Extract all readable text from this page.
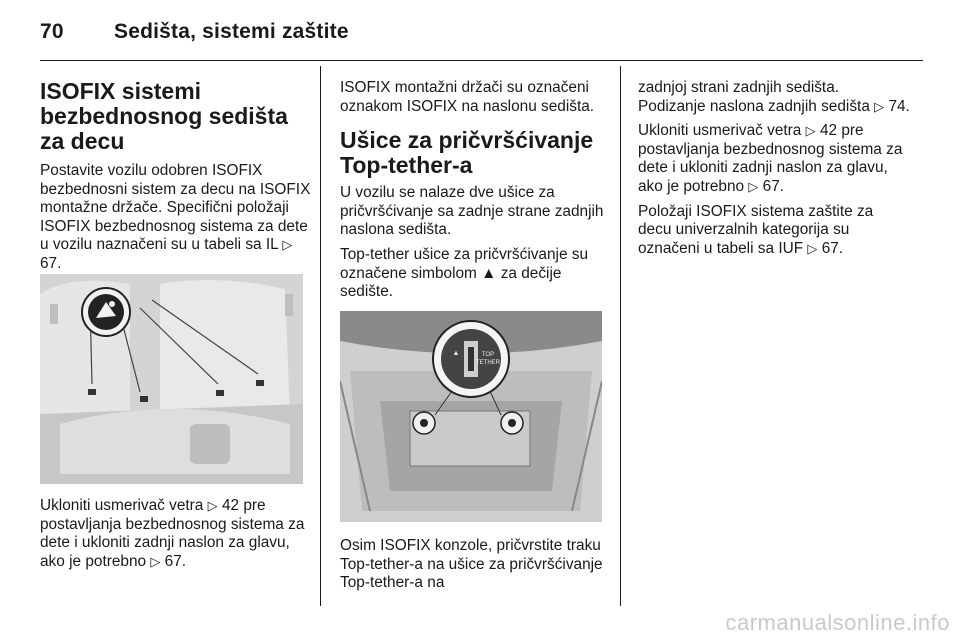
70 Sedišta, sistemi zaštite
ISOFIX sistemi bezbednosnog sedišta za decu

Postavite vozilu odobren ISOFIX bezbednosni sistem za decu na ISOFIX montažne držače. Specifični položaji ISOFIX bezbednosnog sistema za dete u vozilu naznačeni su u tabeli sa IL ▷ 67.

Ukloniti usmerivač vetra ▷ 42 pre postavljanja bezbednosnog sistema za dete i ukloniti zadnji naslon za glavu, ako je potrebno ▷ 67.

ISOFIX montažni držači su označeni oznakom ISOFIX na naslonu sedišta.

Ušice za pričvršćivanje Top-tether-a

U vozilu se nalaze dve ušice za pričvršćivanje sa zadnje strane zadnjih naslona sedišta.

Top-tether ušice za pričvršćivanje su označene simbolom ▲ za dečije sedište.

▲	TOP
TETHER

Osim ISOFIX konzole, pričvrstite traku Top-tether-a na ušice za pričvršćivanje Top-tether-a na

zadnjoj strani zadnjih sedišta. Podizanje naslona zadnjih sedišta ▷ 74.

Ukloniti usmerivač vetra ▷ 42 pre postavljanja bezbednosnog sistema za dete i ukloniti zadnji naslon za glavu, ako je potrebno ▷ 67.

Položaji ISOFIX sistema zaštite za decu univerzalnih kategorija su označeni u tabeli sa IUF ▷ 67.

carmanualsonline.info
